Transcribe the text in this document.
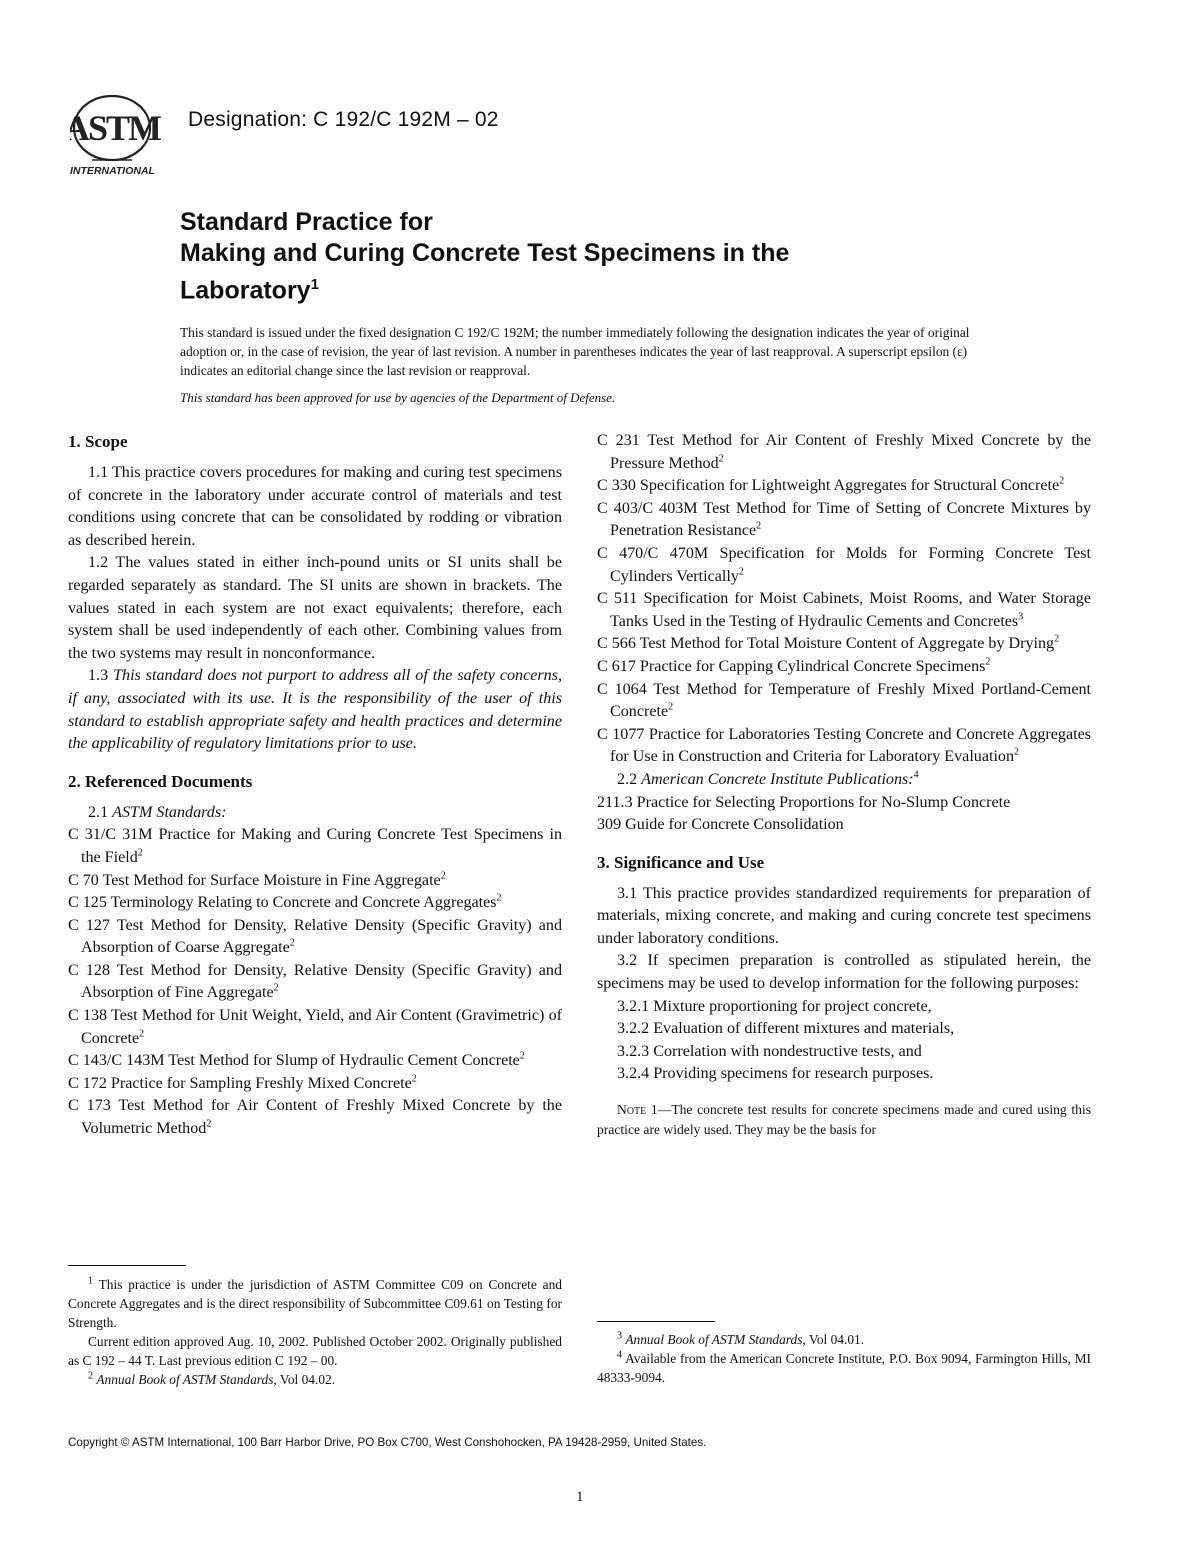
ASTM
INTERNATIONAL
Designation: C 192/C 192M – 02
Standard Practice for
Making and Curing Concrete Test Specimens in the
Laboratory$^1$
This standard is issued under the fixed designation C 192/C 192M; the number immediately following the designation indicates the year of original adoption or, in the case of revision, the year of last revision. A number in parentheses indicates the year of last reapproval. A superscript epsilon (ε) indicates an editorial change since the last revision or reapproval.
This standard has been approved for use by agencies of the Department of Defense.
1. Scope

1.1 This practice covers procedures for making and curing test specimens of concrete in the laboratory under accurate control of materials and test conditions using concrete that can be consolidated by rodding or vibration as described herein.

1.2 The values stated in either inch-pound units or SI units shall be regarded separately as standard. The SI units are shown in brackets. The values stated in each system are not exact equivalents; therefore, each system shall be used independently of each other. Combining values from the two systems may result in nonconformance.

1.3 This standard does not purport to address all of the safety concerns, if any, associated with its use. It is the responsibility of the user of this standard to establish appropriate safety and health practices and determine the applicability of regulatory limitations prior to use.

2. Referenced Documents

2.1 ASTM Standards:

C 31/C 31M Practice for Making and Curing Concrete Test Specimens in the Field$^2$

C 70 Test Method for Surface Moisture in Fine Aggregate$^2$

C 125 Terminology Relating to Concrete and Concrete Aggregates$^2$

C 127 Test Method for Density, Relative Density (Specific Gravity) and Absorption of Coarse Aggregate$^2$

C 128 Test Method for Density, Relative Density (Specific Gravity) and Absorption of Fine Aggregate$^2$

C 138 Test Method for Unit Weight, Yield, and Air Content (Gravimetric) of Concrete$^2$

C 143/C 143M Test Method for Slump of Hydraulic Cement Concrete$^2$

C 172 Practice for Sampling Freshly Mixed Concrete$^2$

C 173 Test Method for Air Content of Freshly Mixed Concrete by the Volumetric Method$^2$

C 231 Test Method for Air Content of Freshly Mixed Concrete by the Pressure Method$^2$

C 330 Specification for Lightweight Aggregates for Structural Concrete$^2$

C 403/C 403M Test Method for Time of Setting of Concrete Mixtures by Penetration Resistance$^2$

C 470/C 470M Specification for Molds for Forming Concrete Test Cylinders Vertically$^2$

C 511 Specification for Moist Cabinets, Moist Rooms, and Water Storage Tanks Used in the Testing of Hydraulic Cements and Concretes$^3$

C 566 Test Method for Total Moisture Content of Aggregate by Drying$^2$

C 617 Practice for Capping Cylindrical Concrete Specimens$^2$

C 1064 Test Method for Temperature of Freshly Mixed Portland-Cement Concrete$^2$

C 1077 Practice for Laboratories Testing Concrete and Concrete Aggregates for Use in Construction and Criteria for Laboratory Evaluation$^2$

2.2 American Concrete Institute Publications:$^4$

211.3 Practice for Selecting Proportions for No-Slump Concrete

309 Guide for Concrete Consolidation

3. Significance and Use

3.1 This practice provides standardized requirements for preparation of materials, mixing concrete, and making and curing concrete test specimens under laboratory conditions.

3.2 If specimen preparation is controlled as stipulated herein, the specimens may be used to develop information for the following purposes:

3.2.1 Mixture proportioning for project concrete,

3.2.2 Evaluation of different mixtures and materials,

3.2.3 Correlation with nondestructive tests, and

3.2.4 Providing specimens for research purposes.

Note 1—The concrete test results for concrete specimens made and cured using this practice are widely used. They may be the basis for

$^1$ This practice is under the jurisdiction of ASTM Committee C09 on Concrete and Concrete Aggregates and is the direct responsibility of Subcommittee C09.61 on Testing for Strength.

Current edition approved Aug. 10, 2002. Published October 2002. Originally published as C 192 – 44 T. Last previous edition C 192 – 00.

$^2$ Annual Book of ASTM Standards, Vol 04.02.

$^3$ Annual Book of ASTM Standards, Vol 04.01.

$^4$ Available from the American Concrete Institute, P.O. Box 9094, Farmington Hills, MI 48333-9094.

Copyright © ASTM International, 100 Barr Harbor Drive, PO Box C700, West Conshohocken, PA 19428-2959, United States.
1
